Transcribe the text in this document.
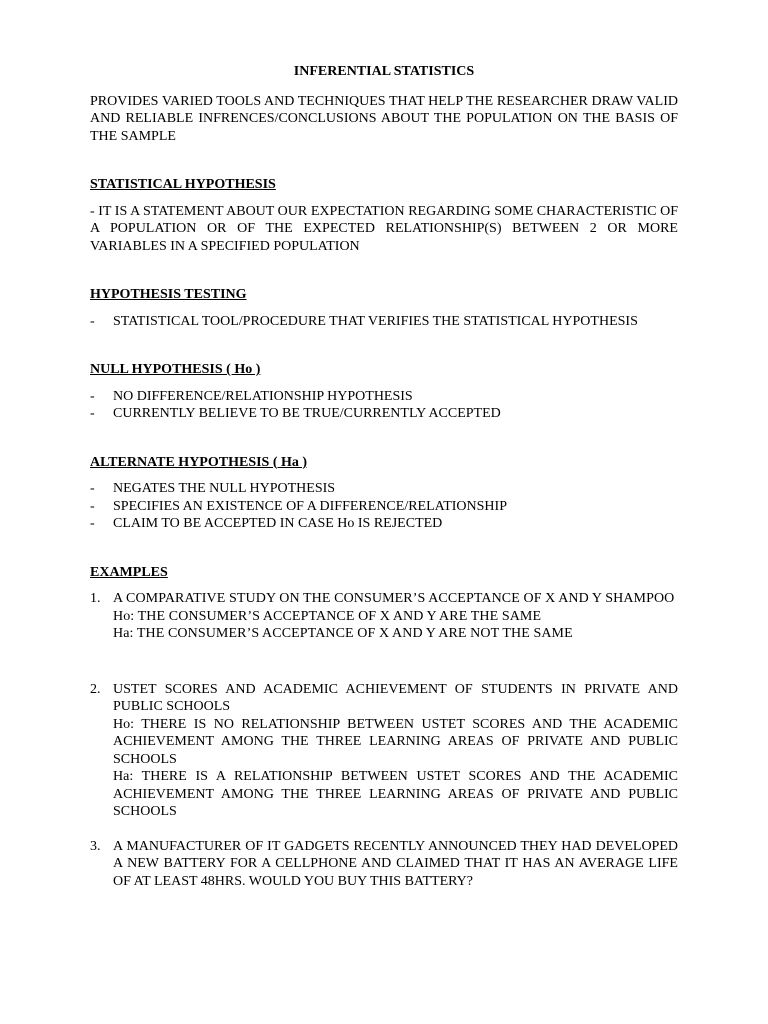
INFERENTIAL STATISTICS

PROVIDES VARIED TOOLS AND TECHNIQUES THAT HELP THE RESEARCHER DRAW VALID AND RELIABLE INFRENCES/CONCLUSIONS ABOUT THE POPULATION ON THE BASIS OF THE SAMPLE

STATISTICAL HYPOTHESIS

- IT IS A STATEMENT ABOUT OUR EXPECTATION REGARDING SOME CHARACTERISTIC OF A POPULATION OR OF THE EXPECTED RELATIONSHIP(S) BETWEEN 2 OR MORE VARIABLES IN A SPECIFIED POPULATION

HYPOTHESIS TESTING

- STATISTICAL TOOL/PROCEDURE THAT VERIFIES THE STATISTICAL HYPOTHESIS

NULL HYPOTHESIS ( Ho )

- NO DIFFERENCE/RELATIONSHIP HYPOTHESIS
- CURRENTLY BELIEVE TO BE TRUE/CURRENTLY ACCEPTED

ALTERNATE HYPOTHESIS ( Ha )

- NEGATES THE NULL HYPOTHESIS
- SPECIFIES AN EXISTENCE OF A DIFFERENCE/RELATIONSHIP
- CLAIM TO BE ACCEPTED IN CASE Ho IS REJECTED

EXAMPLES

1. A COMPARATIVE STUDY ON THE CONSUMER’S ACCEPTANCE OF X AND Y SHAMPOO
Ho: THE CONSUMER’S ACCEPTANCE OF X AND Y ARE THE SAME
Ha: THE CONSUMER’S ACCEPTANCE OF X AND Y ARE NOT THE SAME
2. USTET SCORES AND ACADEMIC ACHIEVEMENT OF STUDENTS IN PRIVATE AND PUBLIC SCHOOLS
Ho: THERE IS NO RELATIONSHIP BETWEEN USTET SCORES AND THE ACADEMIC ACHIEVEMENT AMONG THE THREE LEARNING AREAS OF PRIVATE AND PUBLIC SCHOOLS
Ha: THERE IS A RELATIONSHIP BETWEEN USTET SCORES AND THE ACADEMIC ACHIEVEMENT AMONG THE THREE LEARNING AREAS OF PRIVATE AND PUBLIC SCHOOLS
3. A MANUFACTURER OF IT GADGETS RECENTLY ANNOUNCED THEY HAD DEVELOPED A NEW BATTERY FOR A CELLPHONE AND CLAIMED THAT IT HAS AN AVERAGE LIFE OF AT LEAST 48HRS. WOULD YOU BUY THIS BATTERY?
